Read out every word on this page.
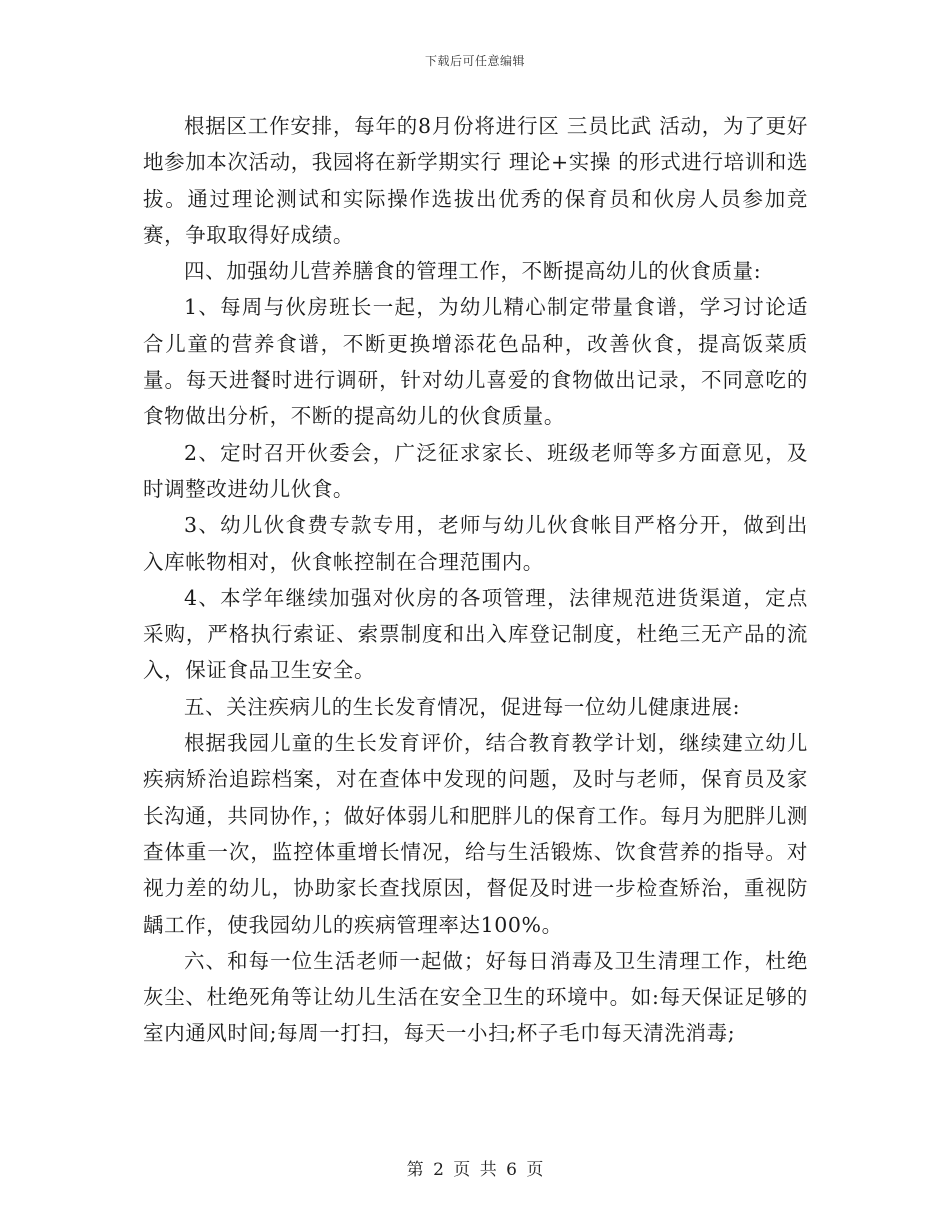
下载后可任意编辑

根据区工作安排，每年的8月份将进行区 三员比武 活动，为了更好地参加本次活动，我园将在新学期实行 理论+实操 的形式进行培训和选拔。通过理论测试和实际操作选拔出优秀的保育员和伙房人员参加竞赛，争取取得好成绩。

四、加强幼儿营养膳食的管理工作，不断提高幼儿的伙食质量:

1、每周与伙房班长一起，为幼儿精心制定带量食谱，学习讨论适合儿童的营养食谱，不断更换增添花色品种，改善伙食，提高饭菜质量。每天进餐时进行调研，针对幼儿喜爱的食物做出记录，不同意吃的食物做出分析，不断的提高幼儿的伙食质量。

2、定时召开伙委会，广泛征求家长、班级老师等多方面意见，及时调整改进幼儿伙食。

3、幼儿伙食费专款专用，老师与幼儿伙食帐目严格分开，做到出入库帐物相对，伙食帐控制在合理范围内。

4、本学年继续加强对伙房的各项管理，法律规范进货渠道，定点采购，严格执行索证、索票制度和出入库登记制度，杜绝三无产品的流入，保证食品卫生安全。

五、关注疾病儿的生长发育情况，促进每一位幼儿健康进展:

根据我园儿童的生长发育评价，结合教育教学计划，继续建立幼儿疾病矫治追踪档案，对在查体中发现的问题，及时与老师，保育员及家长沟通，共同协作，；做好体弱儿和肥胖儿的保育工作。每月为肥胖儿测查体重一次，监控体重增长情况，给与生活锻炼、饮食营养的指导。对视力差的幼儿，协助家长查找原因，督促及时进一步检查矫治，重视防龋工作，使我园幼儿的疾病管理率达100%。

六、和每一位生活老师一起做；好每日消毒及卫生清理工作，杜绝灰尘、杜绝死角等让幼儿生活在安全卫生的环境中。如:每天保证足够的室内通风时间;每周一打扫，每天一小扫;杯子毛巾每天清洗消毒;

第 2 页 共 6 页
